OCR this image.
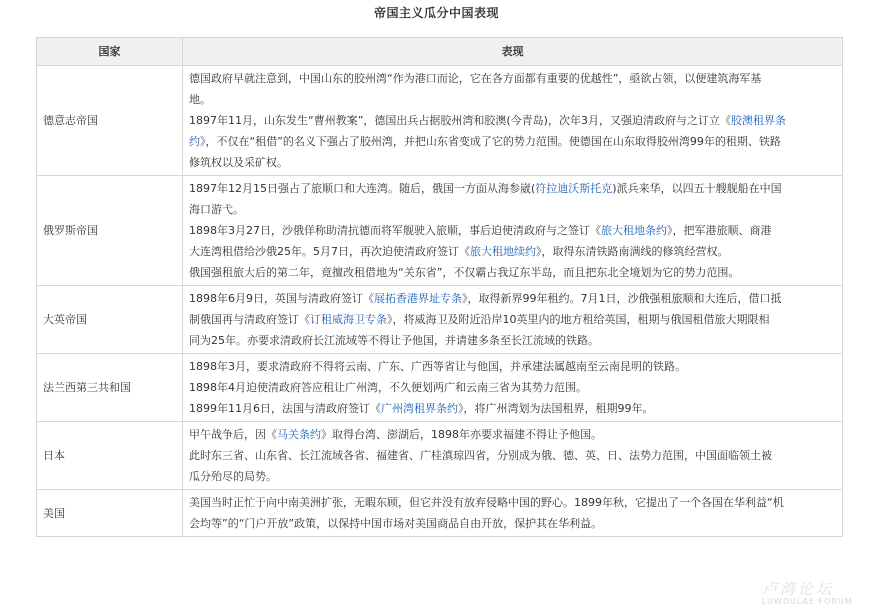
帝国主义瓜分中国表现
国家	表现
德意志帝国	德国政府早就注意到，中国山东的胶州湾“作为港口而论，它在各方面都有重要的优越性”，亟欲占领，以便建筑海军基
地。
1897年11月，山东发生“曹州教案”，德国出兵占据胶州湾和胶澳(今青岛)，次年3月，又强迫清政府与之订立《胶澳租界条
约》，不仅在“租借”的名义下强占了胶州湾，并把山东省变成了它的势力范围。使德国在山东取得胶州湾99年的租期、铁路
修筑权以及采矿权。

俄罗斯帝国	1897年12月15日强占了旅顺口和大连湾。随后，俄国一方面从海参崴(符拉迪沃斯托克)派兵来华，以四五十艘舰船在中国
海口游弋。
1898年3月27日，沙俄佯称助清抗德而将军舰驶入旅顺，事后迫使清政府与之签订《旅大租地条约》，把军港旅顺、商港
大连湾租借给沙俄25年。5月7日，再次迫使清政府签订《旅大租地续约》，取得东清铁路南满线的修筑经营权。
俄国强租旅大后的第二年，竟擅改租借地为“关东省”，不仅霸占我辽东半岛，而且把东北全境划为它的势力范围。

大英帝国	1898年6月9日，英国与清政府签订《展拓香港界址专条》，取得新界99年租约。7月1日，沙俄强租旅顺和大连后，借口抵
制俄国再与清政府签订《订租威海卫专条》，将威海卫及附近沿岸10英里内的地方租给英国，租期与俄国租借旅大期限相
同为25年。亦要求清政府长江流域等不得让予他国，并请建多条至长江流域的铁路。

法兰西第三共和国	1898年3月，要求清政府不得将云南、广东、广西等省让与他国，并承建法属越南至云南昆明的铁路。
1898年4月迫使清政府答应租让广州湾，不久便划两广和云南三省为其势力范围。
1899年11月6日，法国与清政府签订《广州湾租界条约》，将广州湾划为法国租界，租期99年。

日本	甲午战争后，因《马关条约》取得台湾、澎湖后，1898年亦要求福建不得让予他国。
此时东三省、山东省、长江流域各省、福建省、广桂滇琼四省，分别成为俄、德、英、日、法势力范围，中国面临领土被
瓜分殆尽的局势。

美国	美国当时正忙于向中南美洲扩张，无暇东顾，但它并没有放弃侵略中国的野心。1899年秋，它提出了一个各国在华利益“机
会均等”的“门户开放”政策，以保持中国市场对美国商品自由开放，保护其在华利益。
卢湾论坛
LUWDULAE FORUM
